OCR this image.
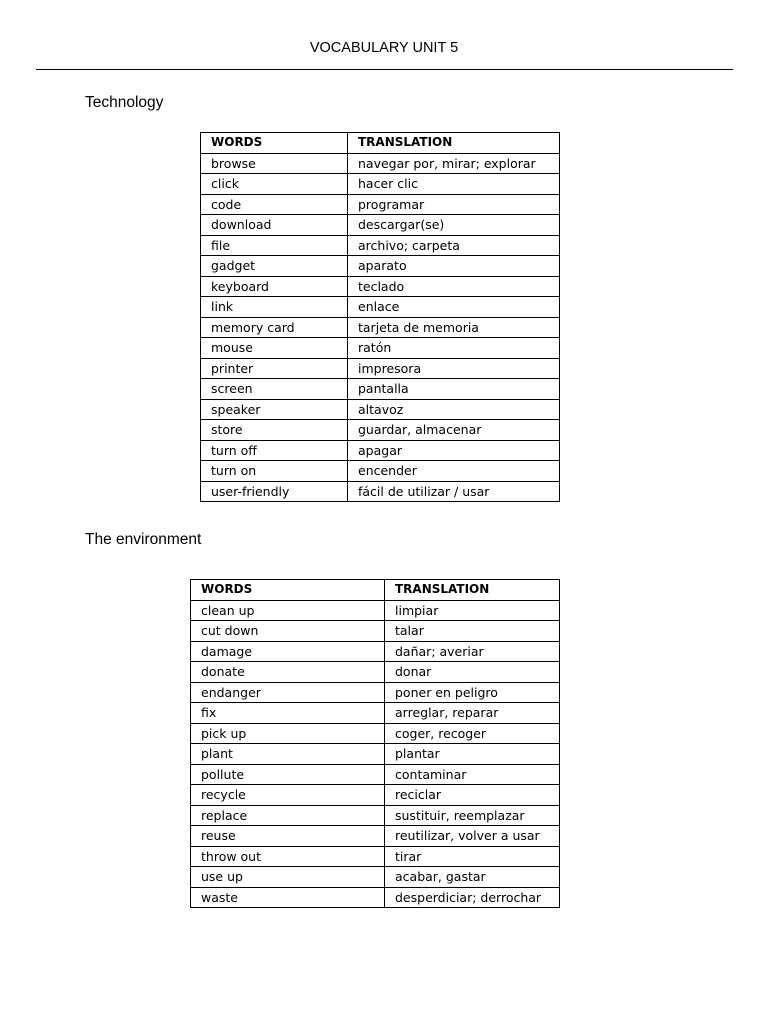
VOCABULARY UNIT 5
Technology
WORDS	TRANSLATION
browse	navegar por, mirar; explorar
click	hacer clic
code	programar
download	descargar(se)
file	archivo; carpeta
gadget	aparato
keyboard	teclado
link	enlace
memory card	tarjeta de memoria
mouse	ratón
printer	impresora
screen	pantalla
speaker	altavoz
store	guardar, almacenar
turn off	apagar
turn on	encender
user-friendly	fácil de utilizar / usar
The environment
WORDS	TRANSLATION
clean up	limpiar
cut down	talar
damage	dañar; averiar
donate	donar
endanger	poner en peligro
fix	arreglar, reparar
pick up	coger, recoger
plant	plantar
pollute	contaminar
recycle	reciclar
replace	sustituir, reemplazar
reuse	reutilizar, volver a usar
throw out	tirar
use up	acabar, gastar
waste	desperdiciar; derrochar
